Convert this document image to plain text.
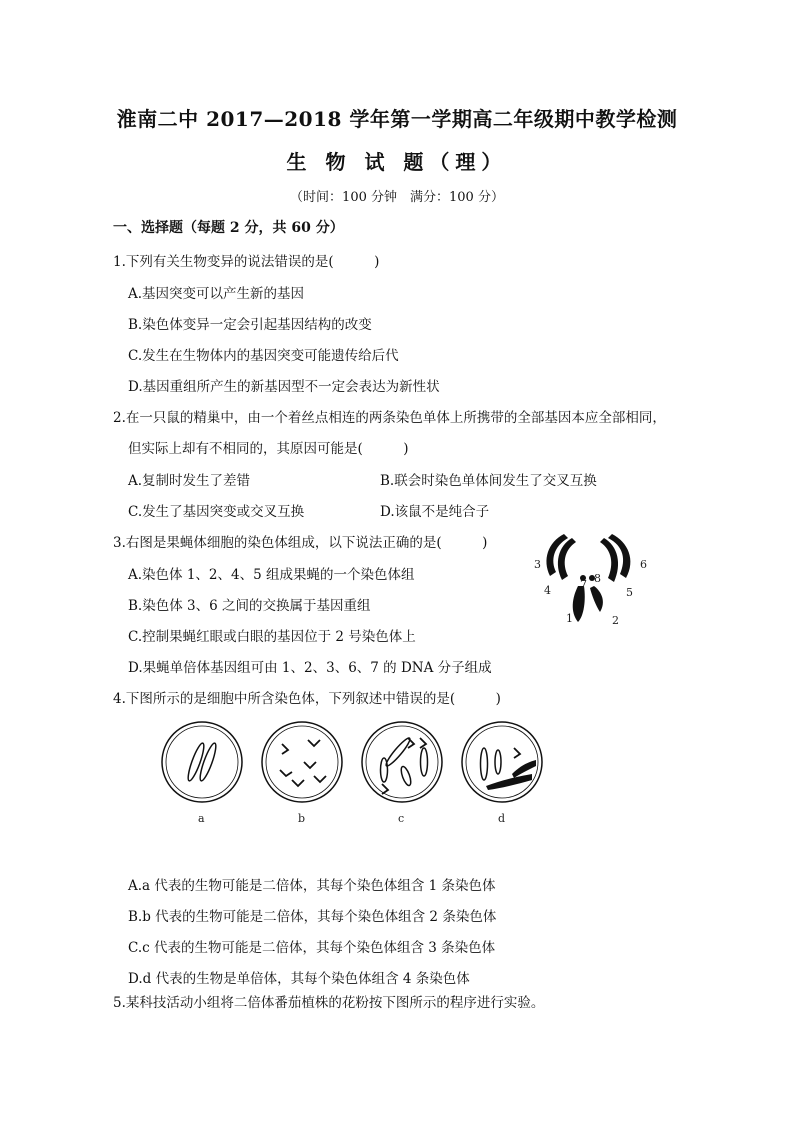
淮南二中 2017—2018 学年第一学期高二年级期中教学检测
生 物 试 题（理）
（时间：100 分钟　满分：100 分）
一、选择题（每题 2 分，共 60 分）
1.下列有关生物变异的说法错误的是(　　　)
A.基因突变可以产生新的基因
B.染色体变异一定会引起基因结构的改变
C.发生在生物体内的基因突变可能遗传给后代
D.基因重组所产生的新基因型不一定会表达为新性状
2.在一只鼠的精巢中，由一个着丝点相连的两条染色单体上所携带的全部基因本应全部相同，
但实际上却有不相同的，其原因可能是(　　　)
A.复制时发生了差错	B.联会时染色单体间发生了交叉互换
C.发生了基因突变或交叉互换	D.该鼠不是纯合子
3.右图是果蝇体细胞的染色体组成，以下说法正确的是(　　　)
A.染色体 1、2、4、5 组成果蝇的一个染色体组
B.染色体 3、6 之间的交换属于基因重组
C.控制果蝇红眼或白眼的基因位于 2 号染色体上
D.果蝇单倍体基因组可由 1、2、3、6、7 的 DNA 分子组成
3
4	7 8
6
5
1	2
4.下图所示的是细胞中所含染色体，下列叙述中错误的是(　　　)
a	b	c	d
A.a 代表的生物可能是二倍体，其每个染色体组含 1 条染色体
B.b 代表的生物可能是二倍体，其每个染色体组含 2 条染色体
C.c 代表的生物可能是二倍体，其每个染色体组含 3 条染色体
D.d 代表的生物是单倍体，其每个染色体组含 4 条染色体
5.某科技活动小组将二倍体番茄植株的花粉按下图所示的程序进行实验。
